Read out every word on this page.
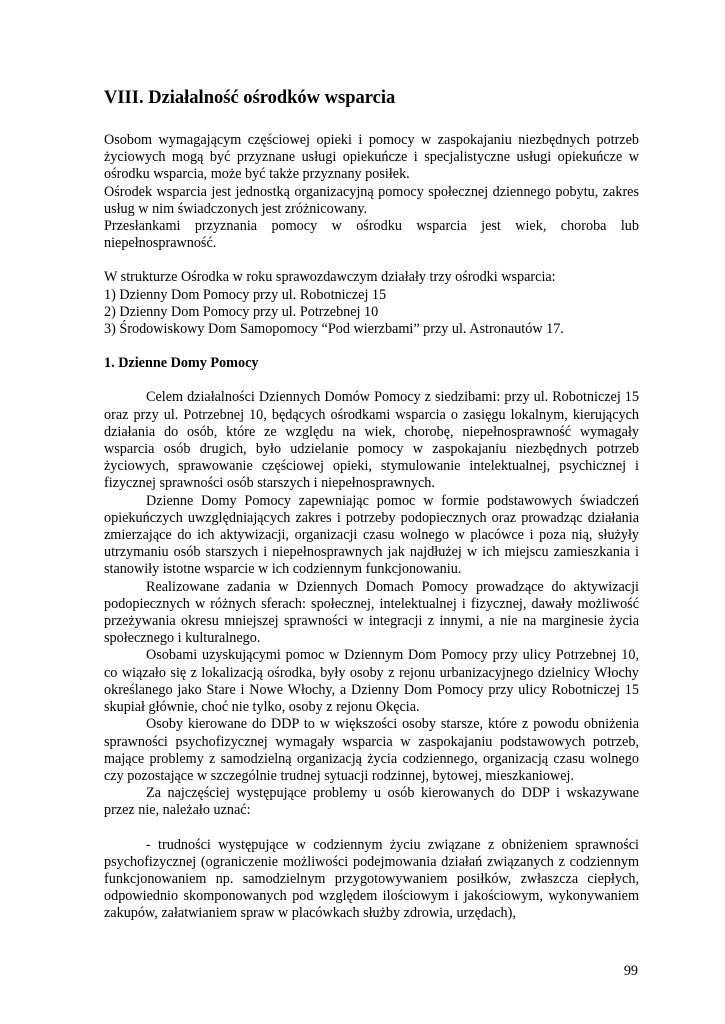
VIII. Działalność ośrodków wsparcia

Osobom wymagającym częściowej opieki i pomocy w zaspokajaniu niezbędnych potrzeb życiowych mogą być przyznane usługi opiekuńcze i specjalistyczne usługi opiekuńcze w ośrodku wsparcia, może być także przyznany posiłek.

Ośrodek wsparcia jest jednostką organizacyjną pomocy społecznej dziennego pobytu, zakres usług w nim świadczonych jest zróżnicowany.

Przesłankami przyznania pomocy w ośrodku wsparcia jest wiek, choroba lub niepełnosprawność.

W strukturze Ośrodka w roku sprawozdawczym działały trzy ośrodki wsparcia:

1) Dzienny Dom Pomocy przy ul. Robotniczej 15

2) Dzienny Dom Pomocy przy ul. Potrzebnej 10

3) Środowiskowy Dom Samopomocy “Pod wierzbami” przy ul. Astronautów 17.

1. Dzienne Domy Pomocy

Celem działalności Dziennych Domów Pomocy z siedzibami: przy ul. Robotniczej 15 oraz przy ul. Potrzebnej 10, będących ośrodkami wsparcia o zasięgu lokalnym, kierujących działania do osób, które ze względu na wiek, chorobę, niepełnosprawność wymagały wsparcia osób drugich, było udzielanie pomocy w zaspokajaniu niezbędnych potrzeb życiowych, sprawowanie częściowej opieki, stymulowanie intelektualnej, psychicznej i fizycznej sprawności osób starszych i niepełnosprawnych.

Dzienne Domy Pomocy zapewniając pomoc w formie podstawowych świadczeń opiekuńczych uwzględniających zakres i potrzeby podopiecznych oraz prowadząc działania zmierzające do ich aktywizacji, organizacji czasu wolnego w placówce i poza nią, służyły utrzymaniu osób starszych i niepełnosprawnych jak najdłużej w ich miejscu zamieszkania i stanowiły istotne wsparcie w ich codziennym funkcjonowaniu.

Realizowane zadania w Dziennych Domach Pomocy prowadzące do aktywizacji podopiecznych w różnych sferach: społecznej, intelektualnej i fizycznej, dawały możliwość przeżywania okresu mniejszej sprawności w integracji z innymi, a nie na marginesie życia społecznego i kulturalnego.

Osobami uzyskującymi pomoc w Dziennym Dom Pomocy przy ulicy Potrzebnej 10, co wiązało się z lokalizacją ośrodka, były osoby z rejonu urbanizacyjnego dzielnicy Włochy określanego jako Stare i Nowe Włochy, a Dzienny Dom Pomocy przy ulicy Robotniczej 15 skupiał głównie, choć nie tylko, osoby z rejonu Okęcia.

Osoby kierowane do DDP to w większości osoby starsze, które z powodu obniżenia sprawności psychofizycznej wymagały wsparcia w zaspokajaniu podstawowych potrzeb, mające problemy z samodzielną organizacją życia codziennego, organizacją czasu wolnego czy pozostające w szczególnie trudnej sytuacji rodzinnej, bytowej, mieszkaniowej.

Za najczęściej występujące problemy u osób kierowanych do DDP i wskazywane przez nie, należało uznać:

- trudności występujące w codziennym życiu związane z obniżeniem sprawności psychofizycznej (ograniczenie możliwości podejmowania działań związanych z codziennym funkcjonowaniem np. samodzielnym przygotowywaniem posiłków, zwłaszcza ciepłych, odpowiednio skomponowanych pod względem ilościowym i jakościowym, wykonywaniem zakupów, załatwianiem spraw w placówkach służby zdrowia, urzędach),

99
